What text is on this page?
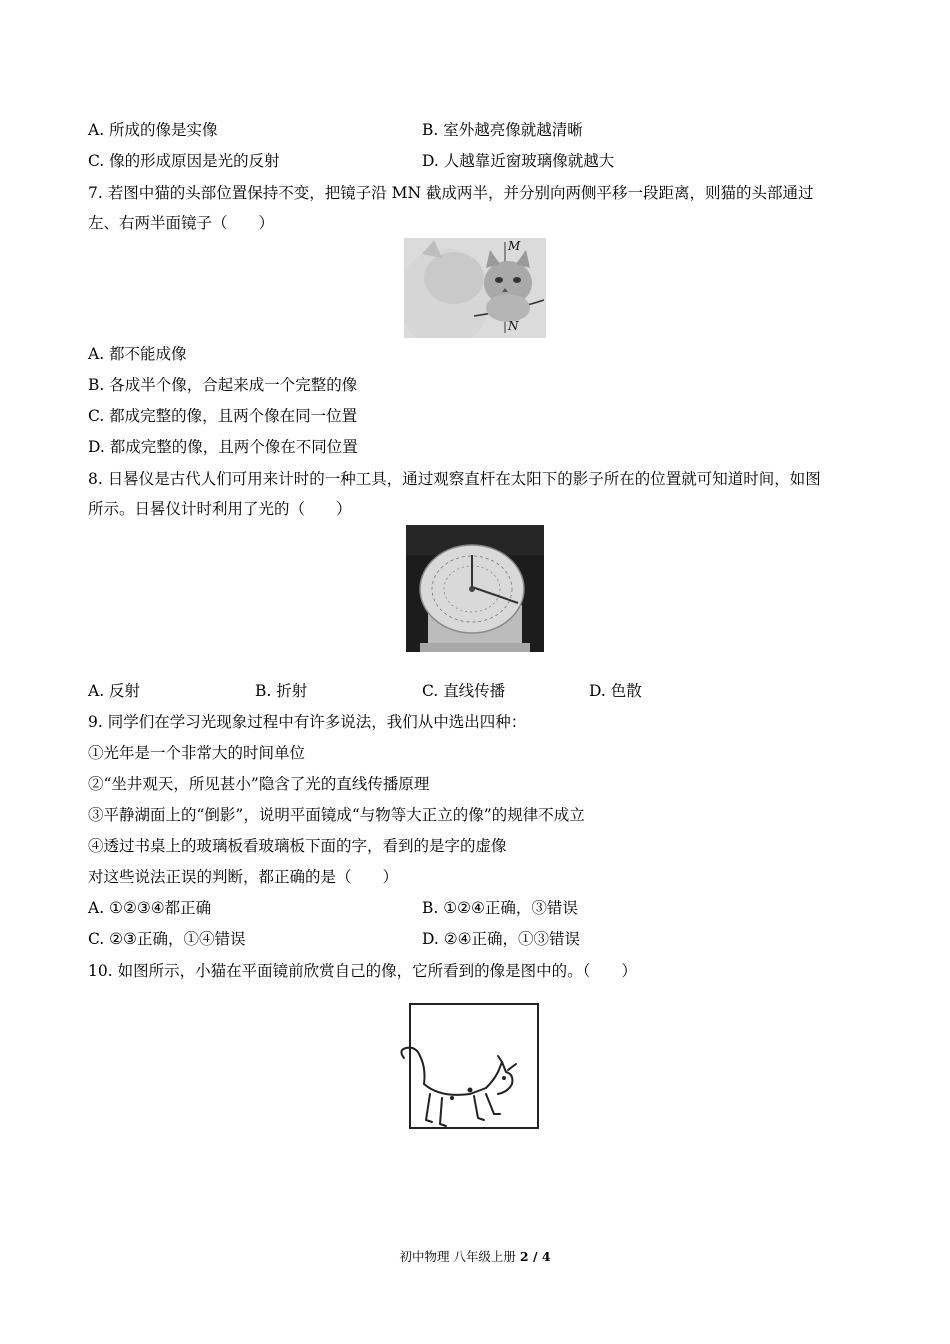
A. 所成的像是实像	B. 室外越亮像就越清晰
C. 像的形成原因是光的反射	D. 人越靠近窗玻璃像就越大
7. 若图中猫的头部位置保持不变，把镜子沿 MN 截成两半，并分别向两侧平移一段距离，则猫的头部通过
左、右两半面镜子（　　）
M
N
A. 都不能成像
B. 各成半个像，合起来成一个完整的像
C. 都成完整的像，且两个像在同一位置
D. 都成完整的像，且两个像在不同位置
8. 日晷仪是古代人们可用来计时的一种工具，通过观察直杆在太阳下的影子所在的位置就可知道时间，如图
所示。日晷仪计时利用了光的（　　）
A. 反射	B. 折射	C. 直线传播	D. 色散
9. 同学们在学习光现象过程中有许多说法，我们从中选出四种：
①光年是一个非常大的时间单位
②“坐井观天，所见甚小”隐含了光的直线传播原理
③平静湖面上的“倒影”，说明平面镜成“与物等大正立的像”的规律不成立
④透过书桌上的玻璃板看玻璃板下面的字，看到的是字的虚像
对这些说法正误的判断，都正确的是（　　）
A. ①②③④都正确	B. ①②④正确，③错误
C. ②③正确，①④错误	D. ②④正确，①③错误
10. 如图所示，小猫在平面镜前欣赏自己的像，它所看到的像是图中的。（　　）
初中物理 八年级上册 2 / 4
